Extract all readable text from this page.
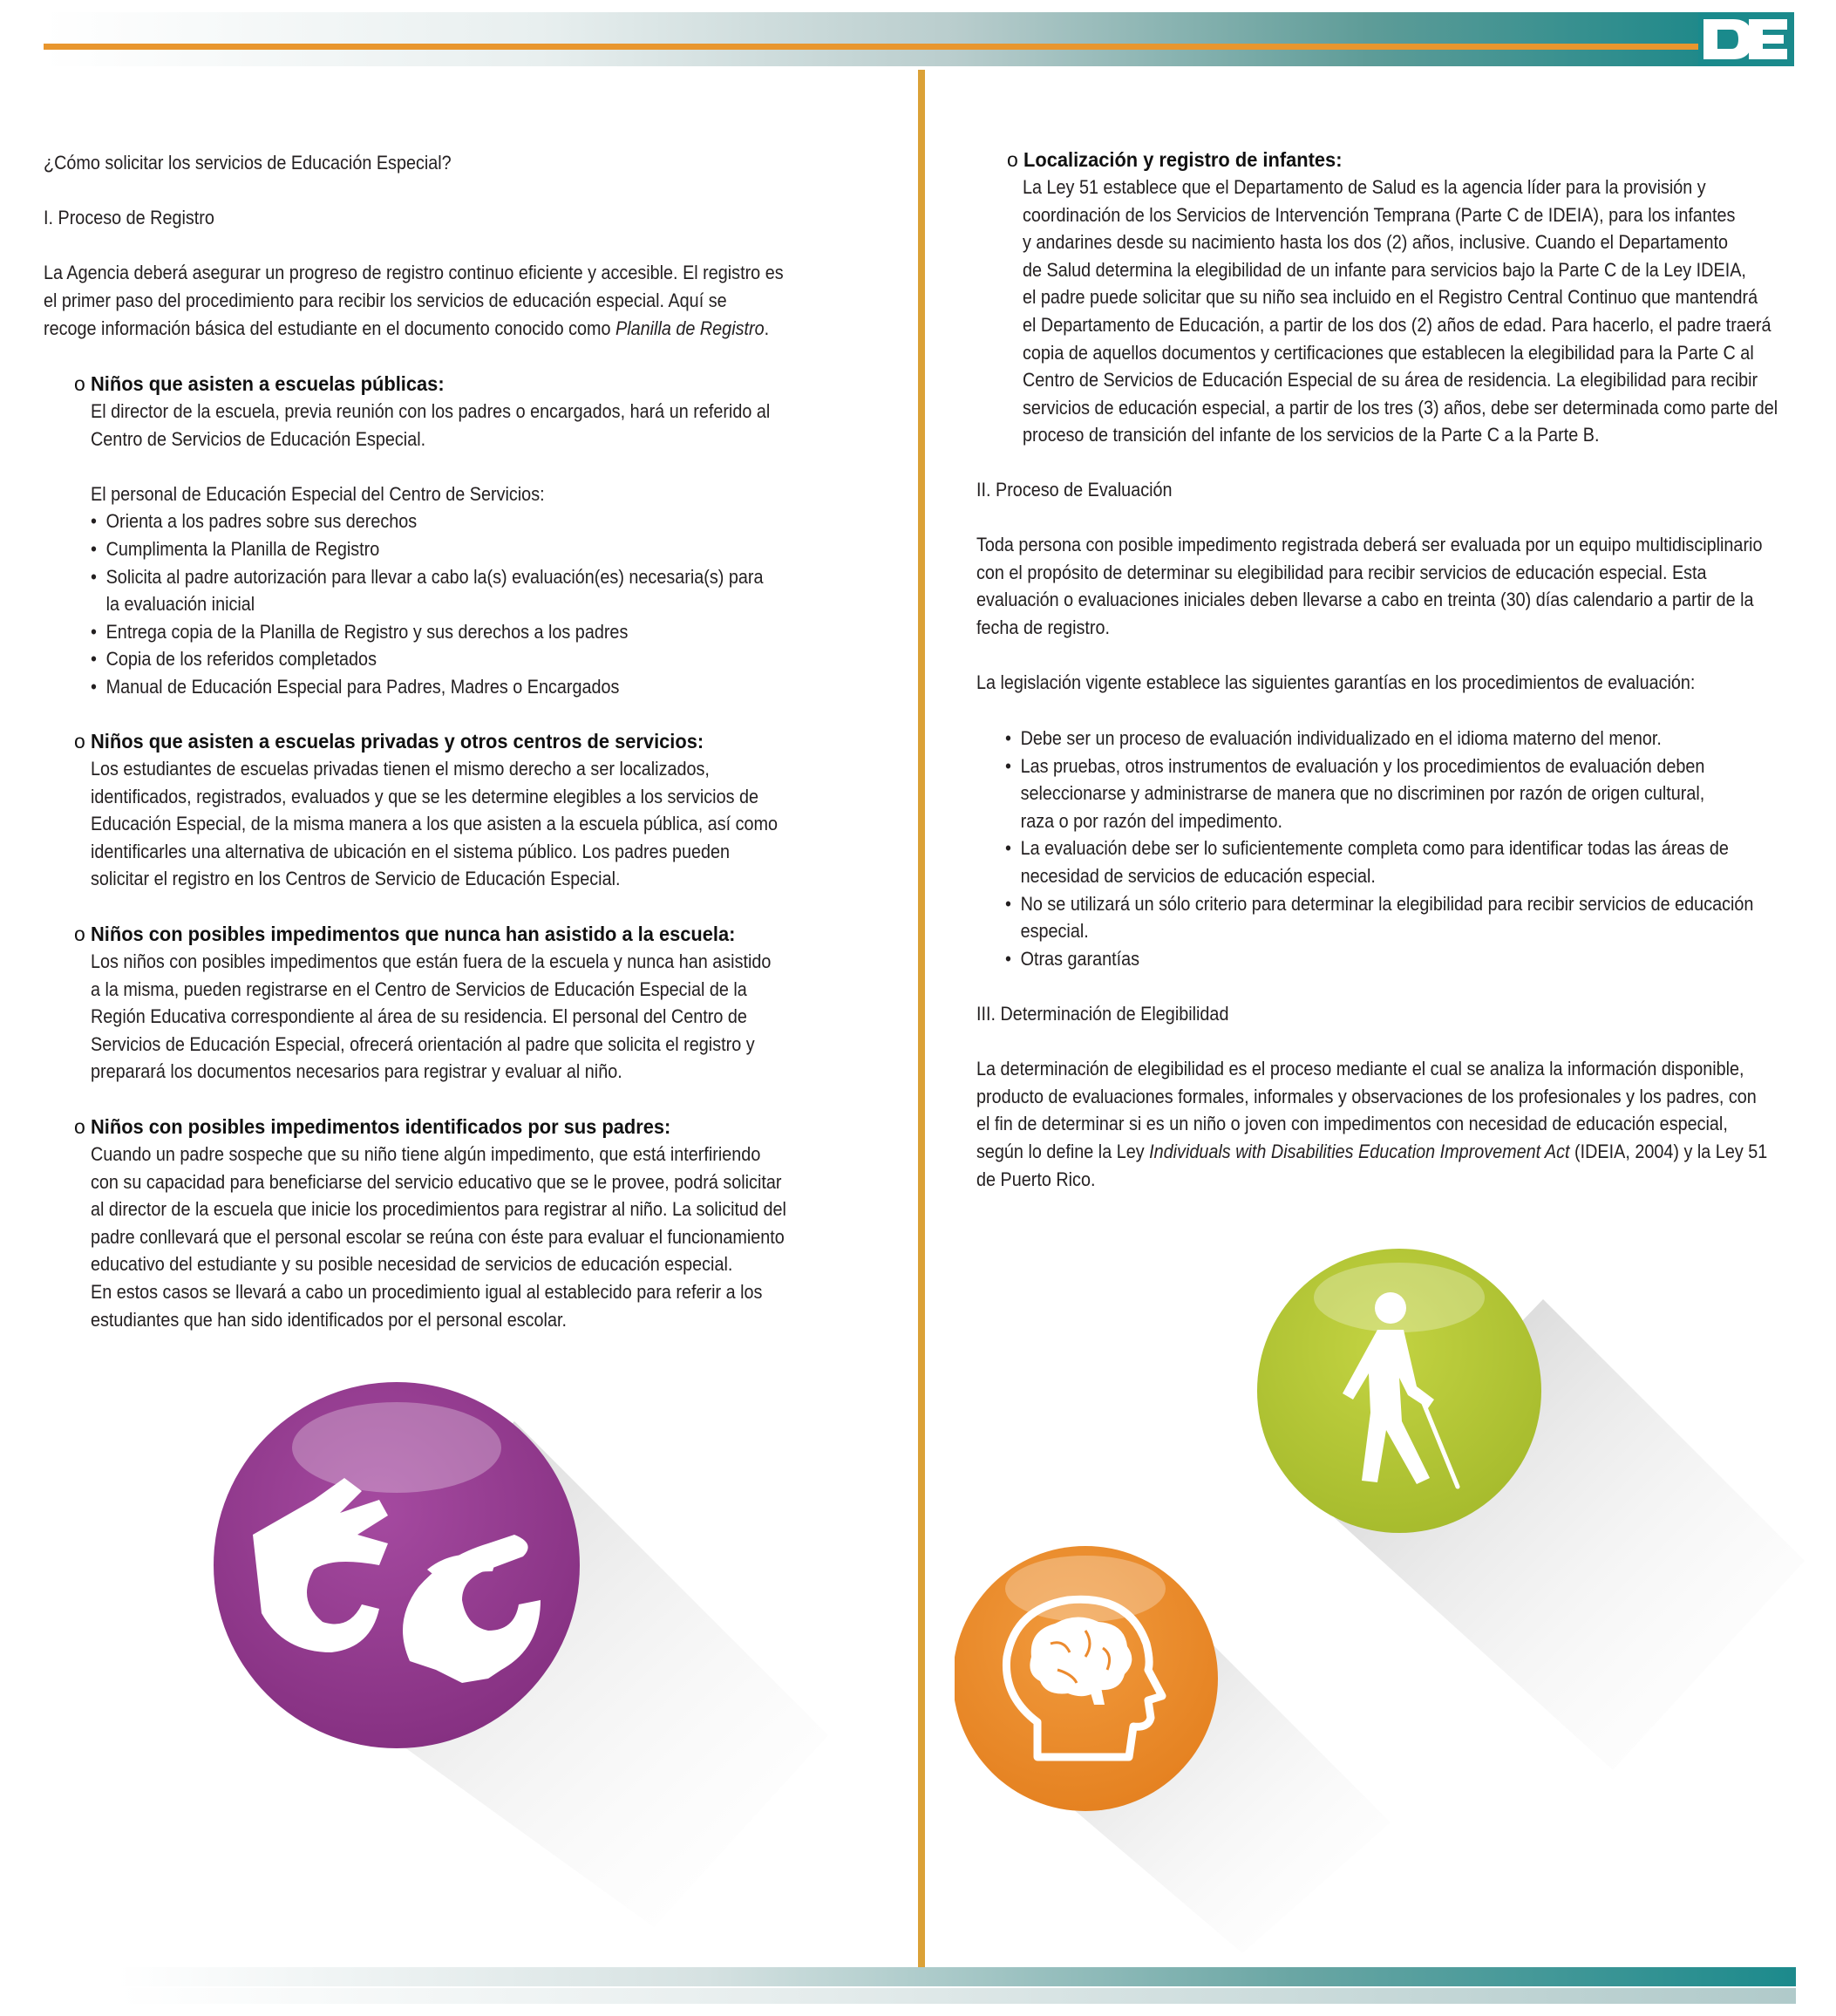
¿Cómo solicitar los servicios de Educación Especial?
I. Proceso de Registro
La Agencia deberá asegurar un progreso de registro continuo eficiente y accesible. El registro es
el primer paso del procedimiento para recibir los servicios de educación especial. Aquí se
recoge información básica del estudiante en el documento conocido como Planilla de Registro.
o Niños que asisten a escuelas públicas:
El director de la escuela, previa reunión con los padres o encargados, hará un referido al
Centro de Servicios de Educación Especial.
El personal de Educación Especial del Centro de Servicios:
• Orienta a los padres sobre sus derechos
• Cumplimenta la Planilla de Registro
• Solicita al padre autorización para llevar a cabo la(s) evaluación(es) necesaria(s) para
la evaluación inicial
• Entrega copia de la Planilla de Registro y sus derechos a los padres
• Copia de los referidos completados
• Manual de Educación Especial para Padres, Madres o Encargados
o Niños que asisten a escuelas privadas y otros centros de servicios:
Los estudiantes de escuelas privadas tienen el mismo derecho a ser localizados,
identificados, registrados, evaluados y que se les determine elegibles a los servicios de
Educación Especial, de la misma manera a los que asisten a la escuela pública, así como
identificarles una alternativa de ubicación en el sistema público. Los padres pueden
solicitar el registro en los Centros de Servicio de Educación Especial.
o Niños con posibles impedimentos que nunca han asistido a la escuela:
Los niños con posibles impedimentos que están fuera de la escuela y nunca han asistido
a la misma, pueden registrarse en el Centro de Servicios de Educación Especial de la
Región Educativa correspondiente al área de su residencia. El personal del Centro de
Servicios de Educación Especial, ofrecerá orientación al padre que solicita el registro y
preparará los documentos necesarios para registrar y evaluar al niño.
o Niños con posibles impedimentos identificados por sus padres:
Cuando un padre sospeche que su niño tiene algún impedimento, que está interfiriendo
con su capacidad para beneficiarse del servicio educativo que se le provee, podrá solicitar
al director de la escuela que inicie los procedimientos para registrar al niño. La solicitud del
padre conllevará que el personal escolar se reúna con éste para evaluar el funcionamiento
educativo del estudiante y su posible necesidad de servicios de educación especial.
En estos casos se llevará a cabo un procedimiento igual al establecido para referir a los
estudiantes que han sido identificados por el personal escolar.
o Localización y registro de infantes:
La Ley 51 establece que el Departamento de Salud es la agencia líder para la provisión y
coordinación de los Servicios de Intervención Temprana (Parte C de IDEIA), para los infantes
y andarines desde su nacimiento hasta los dos (2) años, inclusive. Cuando el Departamento
de Salud determina la elegibilidad de un infante para servicios bajo la Parte C de la Ley IDEIA,
el padre puede solicitar que su niño sea incluido en el Registro Central Continuo que mantendrá
el Departamento de Educación, a partir de los dos (2) años de edad. Para hacerlo, el padre traerá
copia de aquellos documentos y certificaciones que establecen la elegibilidad para la Parte C al
Centro de Servicios de Educación Especial de su área de residencia. La elegibilidad para recibir
servicios de educación especial, a partir de los tres (3) años, debe ser determinada como parte del
proceso de transición del infante de los servicios de la Parte C a la Parte B.
II. Proceso de Evaluación
Toda persona con posible impedimento registrada deberá ser evaluada por un equipo multidisciplinario
con el propósito de determinar su elegibilidad para recibir servicios de educación especial. Esta
evaluación o evaluaciones iniciales deben llevarse a cabo en treinta (30) días calendario a partir de la
fecha de registro.
La legislación vigente establece las siguientes garantías en los procedimientos de evaluación:
• Debe ser un proceso de evaluación individualizado en el idioma materno del menor.
• Las pruebas, otros instrumentos de evaluación y los procedimientos de evaluación deben
seleccionarse y administrarse de manera que no discriminen por razón de origen cultural,
raza o por razón del impedimento.
• La evaluación debe ser lo suficientemente completa como para identificar todas las áreas de
necesidad de servicios de educación especial.
• No se utilizará un sólo criterio para determinar la elegibilidad para recibir servicios de educación
especial.
• Otras garantías
III. Determinación de Elegibilidad
La determinación de elegibilidad es el proceso mediante el cual se analiza la información disponible,
producto de evaluaciones formales, informales y observaciones de los profesionales y los padres, con
el fin de determinar si es un niño o joven con impedimentos con necesidad de educación especial,
según lo define la Ley Individuals with Disabilities Education Improvement Act (IDEIA, 2004) y la Ley 51
de Puerto Rico.
